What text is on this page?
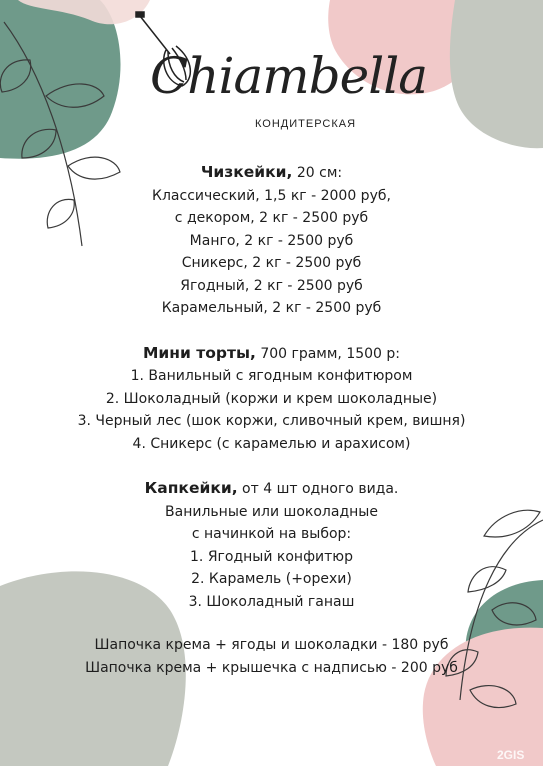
Chiambella
КОНДИТЕРСКАЯ

Чизкейки, 20 см:

Классический, 1,5 кг - 2000 руб,

с декором, 2 кг - 2500 руб

Манго, 2 кг - 2500 руб

Сникерс, 2 кг - 2500 руб

Ягодный, 2 кг - 2500 руб

Карамельный, 2 кг - 2500 руб

Мини торты, 700 грамм, 1500 р:

1. Ванильный с ягодным конфитюром

2. Шоколадный (коржи и крем шоколадные)

3. Черный лес (шок коржи, сливочный крем, вишня)

4. Сникерс (с карамелью и арахисом)

Капкейки, от 4 шт одного вида.

Ванильные или шоколадные

с начинкой на выбор:

1. Ягодный конфитюр

2. Карамель (+орехи)

3. Шоколадный ганаш

Шапочка крема + ягоды и шоколадки - 180 руб

Шапочка крема + крышечка с надписью - 200 руб

2GIS
